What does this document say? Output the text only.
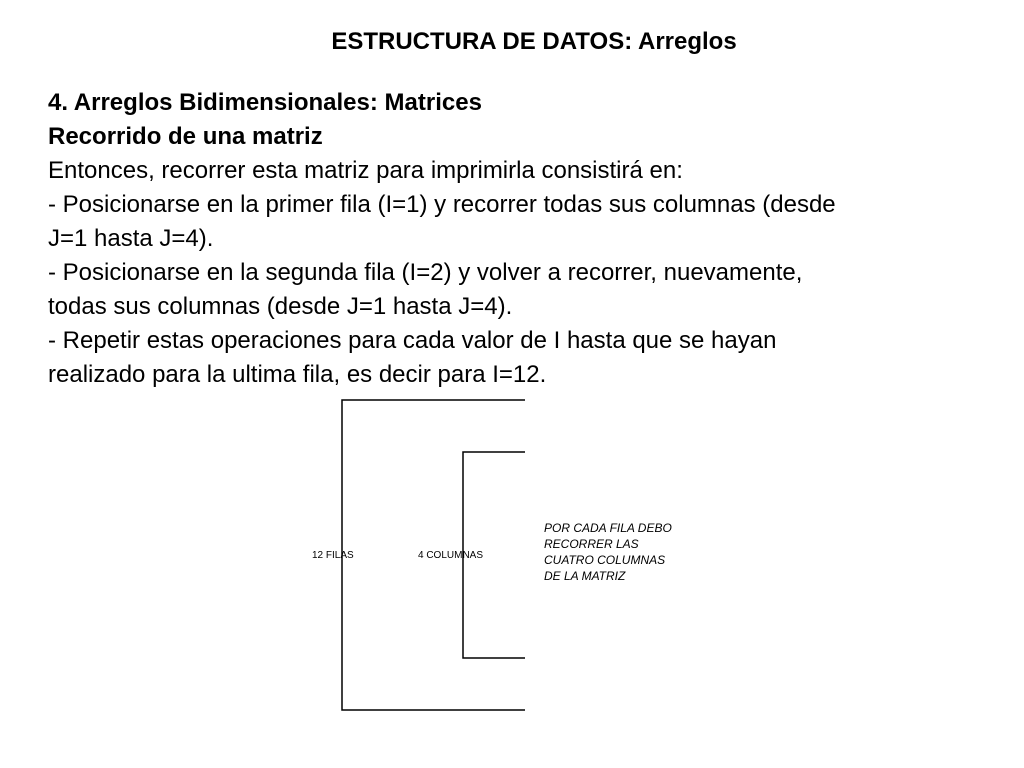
ESTRUCTURA DE DATOS: Arreglos
4. Arreglos Bidimensionales: Matrices
Recorrido de una matriz
Entonces, recorrer esta matriz para imprimirla consistirá en:
- Posicionarse en la primer fila (I=1) y recorrer todas sus columnas (desde
J=1 hasta J=4).
- Posicionarse en la segunda fila (I=2) y volver a recorrer, nuevamente,
todas sus columnas (desde J=1 hasta J=4).
- Repetir estas operaciones para cada valor de I hasta que se hayan
realizado para la ultima fila, es decir para I=12.
12 FILAS	4 COLUMNAS
POR CADA FILA DEBO
RECORRER LAS
CUATRO COLUMNAS
DE LA MATRIZ
